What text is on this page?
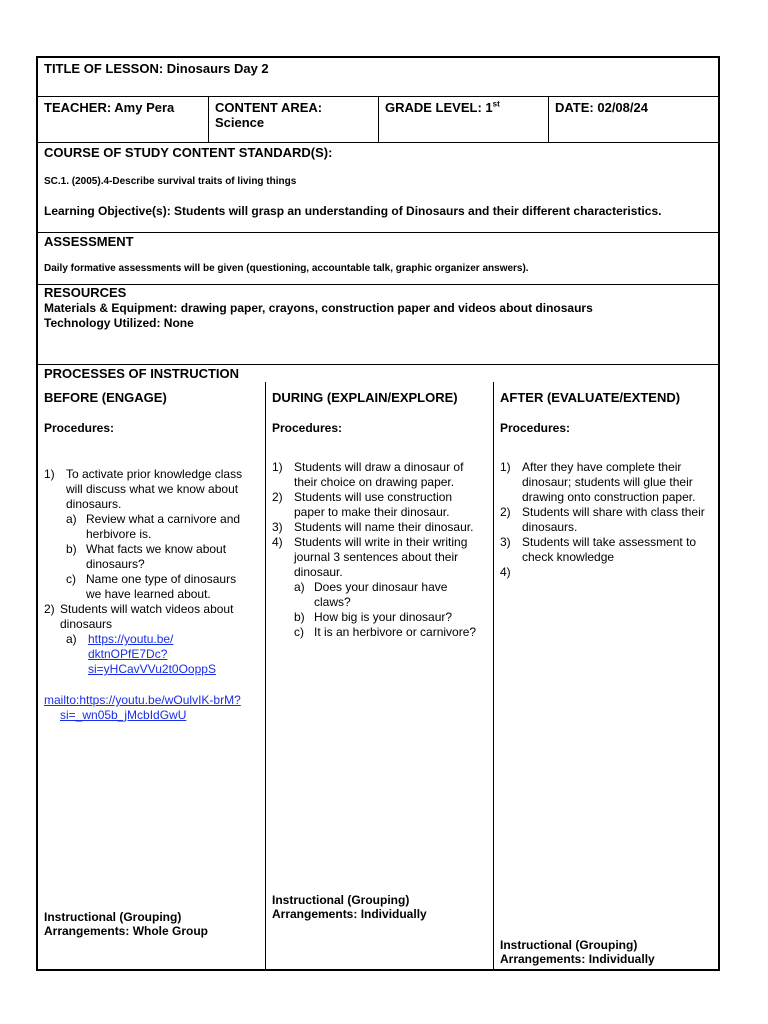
TITLE OF LESSON: Dinosaurs Day 2
TEACHER: Amy Pera	CONTENT AREA:
Science
GRADE LEVEL: 1st	DATE: 02/08/24
COURSE OF STUDY CONTENT STANDARD(S):
SC.1. (2005).4-Describe survival traits of living things
Learning Objective(s): Students will grasp an understanding of Dinosaurs and their different characteristics.
ASSESSMENT
Daily formative assessments will be given (questioning, accountable talk, graphic organizer answers).
RESOURCES
Materials & Equipment: drawing paper, crayons, construction paper and videos about dinosaurs
Technology Utilized: None
PROCESSES OF INSTRUCTION
BEFORE (ENGAGE)
Procedures:
1) To activate prior knowledge class will discuss what we know about dinosaurs.
a) Review what a carnivore and herbivore is.
b) What facts we know about dinosaurs?
c) Name one type of dinosaurs we have learned about.
2) Students will watch videos about dinosaurs
a) https://youtu.be/
dktnOPfE7Dc?
si=yHCavVVu2t0OoppS
mailto:https://youtu.be/wOulvIK-brM?
si=_wn05b_jMcbIdGwU
Instructional (Grouping)
Arrangements: Whole Group
DURING (EXPLAIN/EXPLORE)
Procedures:
1) Students will draw a dinosaur of their choice on drawing paper.
2) Students will use construction paper to make their dinosaur.
3) Students will name their dinosaur.
4) Students will write in their writing journal 3 sentences about their dinosaur.
a) Does your dinosaur have claws?
b) How big is your dinosaur?
c) It is an herbivore or carnivore?
Instructional (Grouping)
Arrangements: Individually
AFTER (EVALUATE/EXTEND)
Procedures:
1) After they have complete their dinosaur; students will glue their drawing onto construction paper.
2) Students will share with class their dinosaurs.
3) Students will take assessment to check knowledge
4)
Instructional (Grouping)
Arrangements: Individually
